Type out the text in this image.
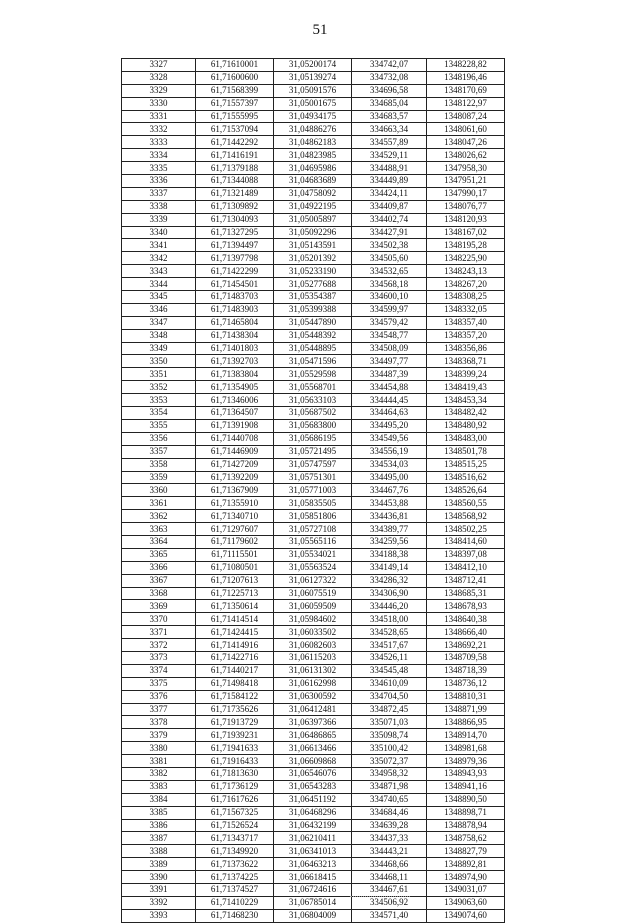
51
3327	61,71610001	31,05200174	334742,07	1348228,82
3328	61,71600600	31,05139274	334732,08	1348196,46
3329	61,71568399	31,05091576	334696,58	1348170,69
3330	61,71557397	31,05001675	334685,04	1348122,97
3331	61,71555995	31,04934175	334683,57	1348087,24
3332	61,71537094	31,04886276	334663,34	1348061,60
3333	61,71442292	31,04862183	334557,89	1348047,26
3334	61,71416191	31,04823985	334529,11	1348026,62
3335	61,71379188	31,04695986	334488,91	1347958,30
3336	61,71344088	31,04683689	334449,89	1347951,21
3337	61,71321489	31,04758092	334424,11	1347990,17
3338	61,71309892	31,04922195	334409,87	1348076,77
3339	61,71304093	31,05005897	334402,74	1348120,93
3340	61,71327295	31,05092296	334427,91	1348167,02
3341	61,71394497	31,05143591	334502,38	1348195,28
3342	61,71397798	31,05201392	334505,60	1348225,90
3343	61,71422299	31,05233190	334532,65	1348243,13
3344	61,71454501	31,05277688	334568,18	1348267,20
3345	61,71483703	31,05354387	334600,10	1348308,25
3346	61,71483903	31,05399388	334599,97	1348332,05
3347	61,71465804	31,05447890	334579,42	1348357,40
3348	61,71438304	31,05448392	334548,77	1348357,20
3349	61,71401803	31,05448895	334508,09	1348356,86
3350	61,71392703	31,05471596	334497,77	1348368,71
3351	61,71383804	31,05529598	334487,39	1348399,24
3352	61,71354905	31,05568701	334454,88	1348419,43
3353	61,71346006	31,05633103	334444,45	1348453,34
3354	61,71364507	31,05687502	334464,63	1348482,42
3355	61,71391908	31,05683800	334495,20	1348480,92
3356	61,71440708	31,05686195	334549,56	1348483,00
3357	61,71446909	31,05721495	334556,19	1348501,78
3358	61,71427209	31,05747597	334534,03	1348515,25
3359	61,71392209	31,05751301	334495,00	1348516,62
3360	61,71367909	31,05771003	334467,76	1348526,64
3361	61,71355910	31,05835505	334453,88	1348560,55
3362	61,71340710	31,05851806	334436,81	1348568,92
3363	61,71297607	31,05727108	334389,77	1348502,25
3364	61,71179602	31,05565116	334259,56	1348414,60
3365	61,71115501	31,05534021	334188,38	1348397,08
3366	61,71080501	31,05563524	334149,14	1348412,10
3367	61,71207613	31,06127322	334286,32	1348712,41
3368	61,71225713	31,06075519	334306,90	1348685,31
3369	61,71350614	31,06059509	334446,20	1348678,93
3370	61,71414514	31,05984602	334518,00	1348640,38
3371	61,71424415	31,06033502	334528,65	1348666,40
3372	61,71414916	31,06082603	334517,67	1348692,21
3373	61,71422716	31,06115203	334526,11	1348709,58
3374	61,71440217	31,06131302	334545,48	1348718,39
3375	61,71498418	31,06162998	334610,09	1348736,12
3376	61,71584122	31,06300592	334704,50	1348810,31
3377	61,71735626	31,06412481	334872,45	1348871,99
3378	61,71913729	31,06397366	335071,03	1348866,95
3379	61,71939231	31,06486865	335098,74	1348914,70
3380	61,71941633	31,06613466	335100,42	1348981,68
3381	61,71916433	31,06609868	335072,37	1348979,36
3382	61,71813630	31,06546076	334958,32	1348943,93
3383	61,71736129	31,06543283	334871,98	1348941,16
3384	61,71617626	31,06451192	334740,65	1348890,50
3385	61,71567325	31,06468296	334684,46	1348898,71
3386	61,71526524	31,06432199	334639,28	1348878,94
3387	61,71343717	31,06210411	334437,33	1348758,62
3388	61,71349920	31,06341013	334443,21	1348827,79
3389	61,71373622	31,06463213	334468,66	1348892,81
3390	61,71374225	31,06618415	334468,11	1348974,90
3391	61,71374527	31,06724616	334467,61	1349031,07
3392	61,71410229	31,06785014	334506,92	1349063,60
3393	61,71468230	31,06804009	334571,40	1349074,60
